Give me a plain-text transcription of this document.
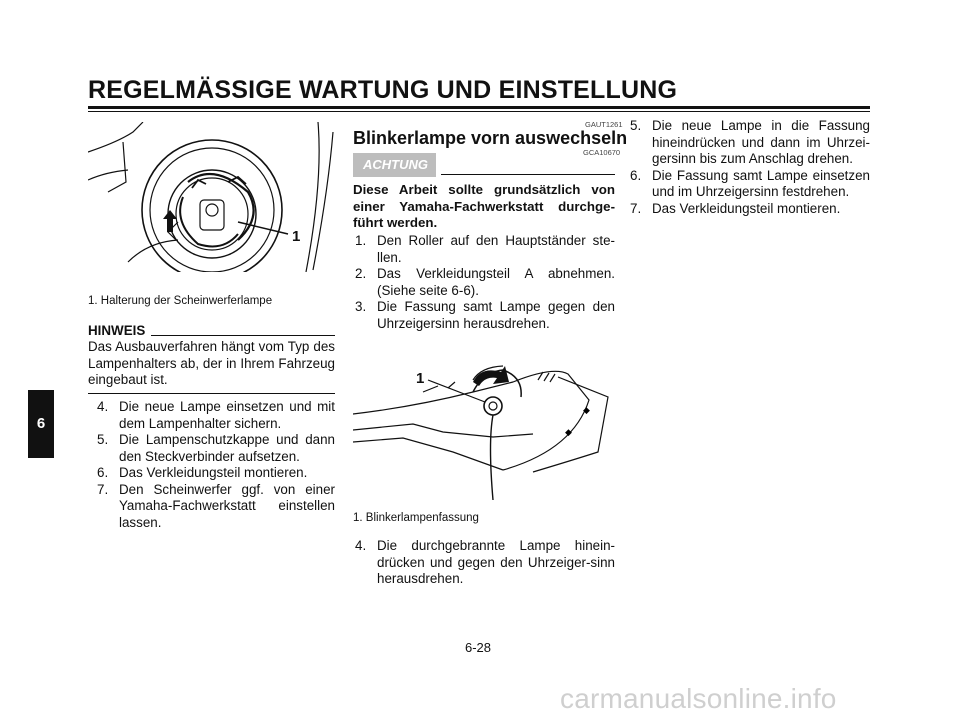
REGELMÄSSIGE WARTUNG UND EINSTELLUNG
6
1
1. Halterung der Scheinwerferlampe
HINWEIS
Das Ausbauverfahren hängt vom Typ des Lampenhalters ab, der in Ihrem Fahrzeug eingebaut ist.
4. Die neue Lampe einsetzen und mit dem Lampenhalter sichern.
5. Die Lampenschutzkappe und dann den Steckverbinder aufsetzen.
6. Das Verkleidungsteil montieren.
7. Den Scheinwerfer ggf. von einer Yamaha-Fachwerkstatt einstellen lassen.
GAUT1261
Blinkerlampe vorn auswechseln
GCA10670
ACHTUNG
Diese Arbeit sollte grundsätzlich von einer Yamaha-Fachwerkstatt durchge-führt werden.
1. Den Roller auf den Hauptständer ste-llen.
2. Das Verkleidungsteil A abnehmen. (Siehe seite 6-6).
3. Die Fassung samt Lampe gegen den Uhrzeigersinn herausdrehen.
◆
◆
1
1. Blinkerlampenfassung
4. Die durchgebrannte Lampe hinein-drücken und gegen den Uhrzeiger-sinn herausdrehen.
5. Die neue Lampe in die Fassung hineindrücken und dann im Uhrzei-gersinn bis zum Anschlag drehen.
6. Die Fassung samt Lampe einsetzen und im Uhrzeigersinn festdrehen.
7. Das Verkleidungsteil montieren.
6-28
carmanualsonline.info
